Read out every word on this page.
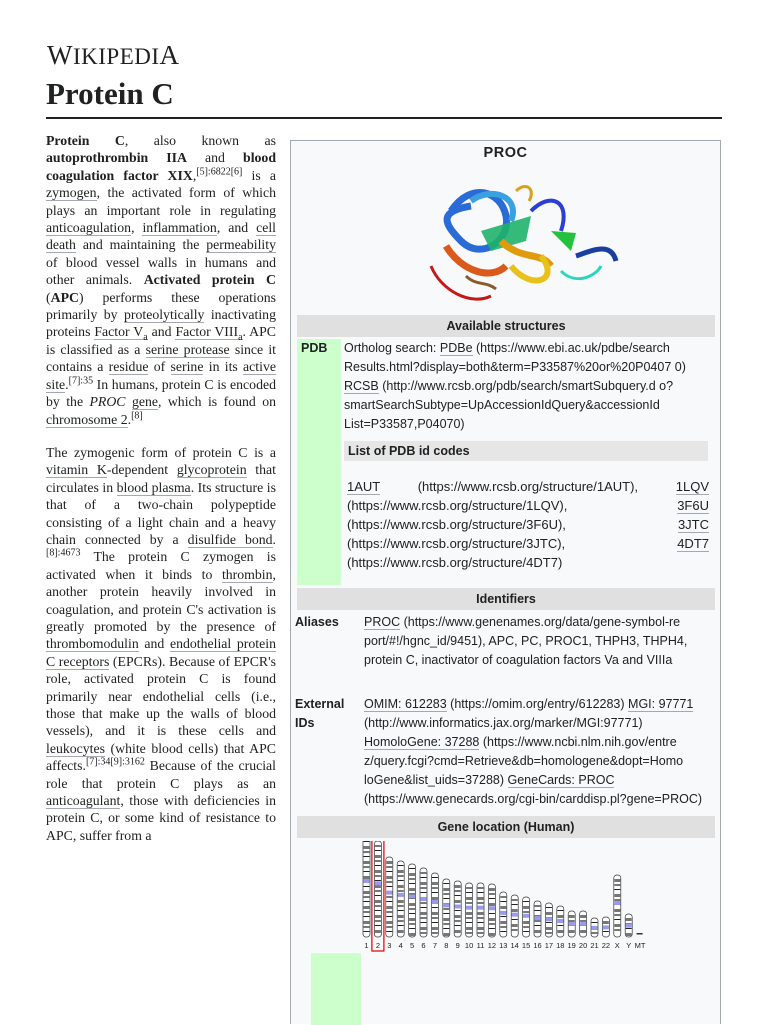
WIKIPEDIA
Protein C

Protein C, also known as autoprothrombin IIA and blood coagulation factor XIX,[5]:6822[6] is a zymogen, the activated form of which plays an important role in regulating anticoagulation, inflammation, and cell death and maintaining the permeability of blood vessel walls in humans and other animals. Activated protein C (APC) performs these operations primarily by proteolytically inactivating proteins Factor $V_a$ and Factor $VIII_a$. APC is classified as a serine protease since it contains a residue of serine in its active site.$^{[7]:35}$ In humans, protein C is encoded by the PROC gene, which is found on chromosome 2.[8]

The zymogenic form of protein C is a vitamin K-dependent glycoprotein that circulates in blood plasma. Its structure is that of a two-chain polypeptide consisting of a light chain and a heavy chain connected by a disulfide bond.$^{[8]:4673}$ The protein C zymogen is activated when it binds to thrombin, another protein heavily involved in coagulation, and protein C's activation is greatly promoted by the presence of thrombomodulin and endothelial protein C receptors (EPCRs). Because of EPCR's role, activated protein C is found primarily near endothelial cells (i.e., those that make up the walls of blood vessels), and it is these cells and leukocytes (white blood cells) that APC affects.$^{[7]:34[9]:3162}$ Because of the crucial role that protein C plays as an anticoagulant, those with deficiencies in protein C, or some kind of resistance to APC, suffer from a

PROC
Available structures
PDB	Ortholog search: PDBe (https://www.ebi.ac.uk/pdbe/search Results.html?display=both&term=P33587%20or%20P0407 0) RCSB (http://www.rcsb.org/pdb/search/smartSubquery.d o?smartSearchSubtype=UpAccessionIdQuery&accessionId List=P33587,P04070)
List of PDB id codes
1AUT (https://www.rcsb.org/structure/1AUT), 1LQV (https://www.rcsb.org/structure/1LQV), 3F6U (https://www.rcsb.org/structure/3F6U), 3JTC (https://www.rcsb.org/structure/3JTC), 4DT7 (https://www.rcsb.org/structure/4DT7)
Identifiers
Aliases	PROC (https://www.genenames.org/data/gene-symbol-re port/#!/hgnc_id/9451), APC, PC, PROC1, THPH3, THPH4, protein C, inactivator of coagulation factors Va and VIIIa
External IDs
OMIM: 612283 (https://omim.org/entry/612283) MGI: 97771 (http://www.informatics.jax.org/marker/MGI:97771) HomoloGene: 37288 (https://www.ncbi.nlm.nih.gov/entre z/query.fcgi?cmd=Retrieve&db=homologene&dopt=Homo loGene&list_uids=37288) GeneCards: PROC (https://www.genecards.org/cgi-bin/carddisp.pl?gene=PROC)
Gene location (Human)
1 2 3 4 5 6 7 8 9 10 11 12 13 14 15 16 17 18 19 20 21 22 X Y MT
